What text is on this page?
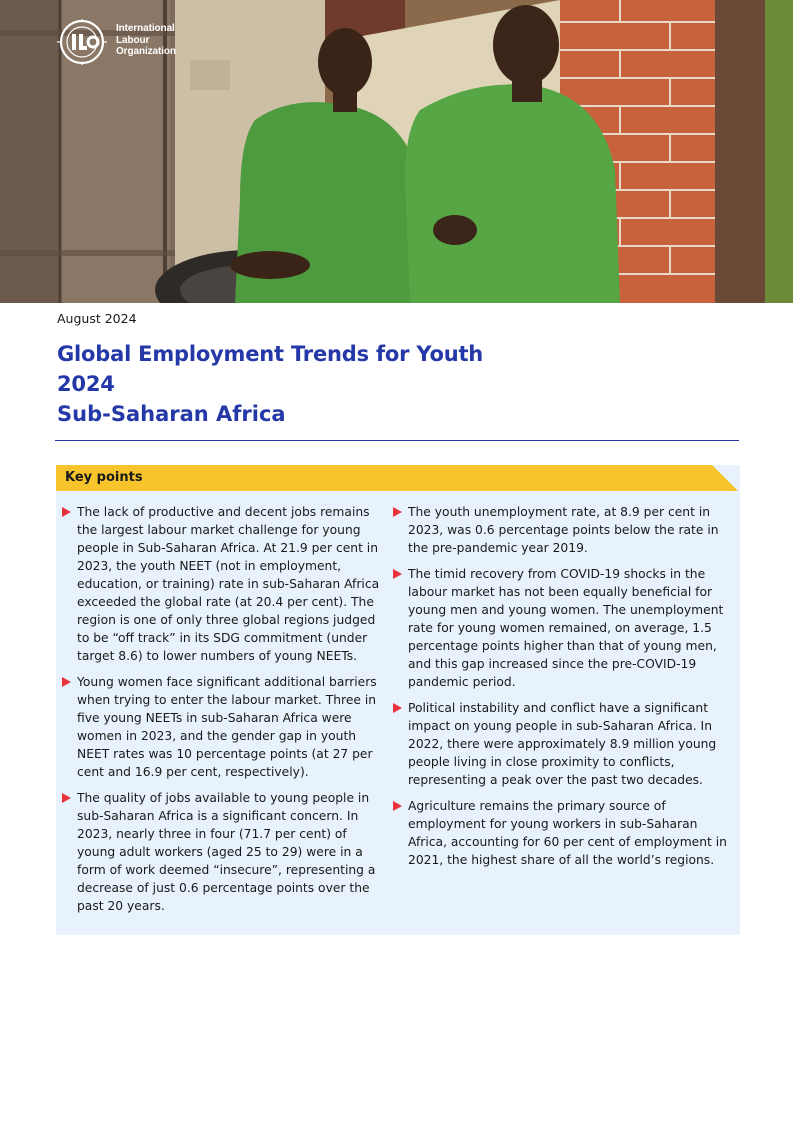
International
Labour
Organization
August 2024
Global Employment Trends for Youth
2024
Sub-Saharan Africa
Key points
The lack of productive and decent jobs remains the largest labour market challenge for young people in Sub-Saharan Africa. At 21.9 per cent in 2023, the youth NEET (not in employment, education, or training) rate in sub-Saharan Africa exceeded the global rate (at 20.4 per cent). The region is one of only three global regions judged to be “off track” in its SDG commitment (under target 8.6) to lower numbers of young NEETs.
Young women face significant additional barriers when trying to enter the labour market. Three in five young NEETs in sub-Saharan Africa were women in 2023, and the gender gap in youth NEET rates was 10 percentage points (at 27 per cent and 16.9 per cent, respectively).
The quality of jobs available to young people in sub-Saharan Africa is a significant concern. In 2023, nearly three in four (71.7 per cent) of young adult workers (aged 25 to 29) were in a form of work deemed “insecure”, representing a decrease of just 0.6 percentage points over the past 20 years.
The youth unemployment rate, at 8.9 per cent in 2023, was 0.6 percentage points below the rate in the pre-pandemic year 2019.
The timid recovery from COVID-19 shocks in the labour market has not been equally beneficial for young men and young women. The unemployment rate for young women remained, on average, 1.5 percentage points higher than that of young men, and this gap increased since the pre-COVID-19 pandemic period.
Political instability and conflict have a significant impact on young people in sub-Saharan Africa. In 2022, there were approximately 8.9 million young people living in close proximity to conflicts, representing a peak over the past two decades.
Agriculture remains the primary source of employment for young workers in sub-Saharan Africa, accounting for 60 per cent of employment in 2021, the highest share of all the world’s regions.
